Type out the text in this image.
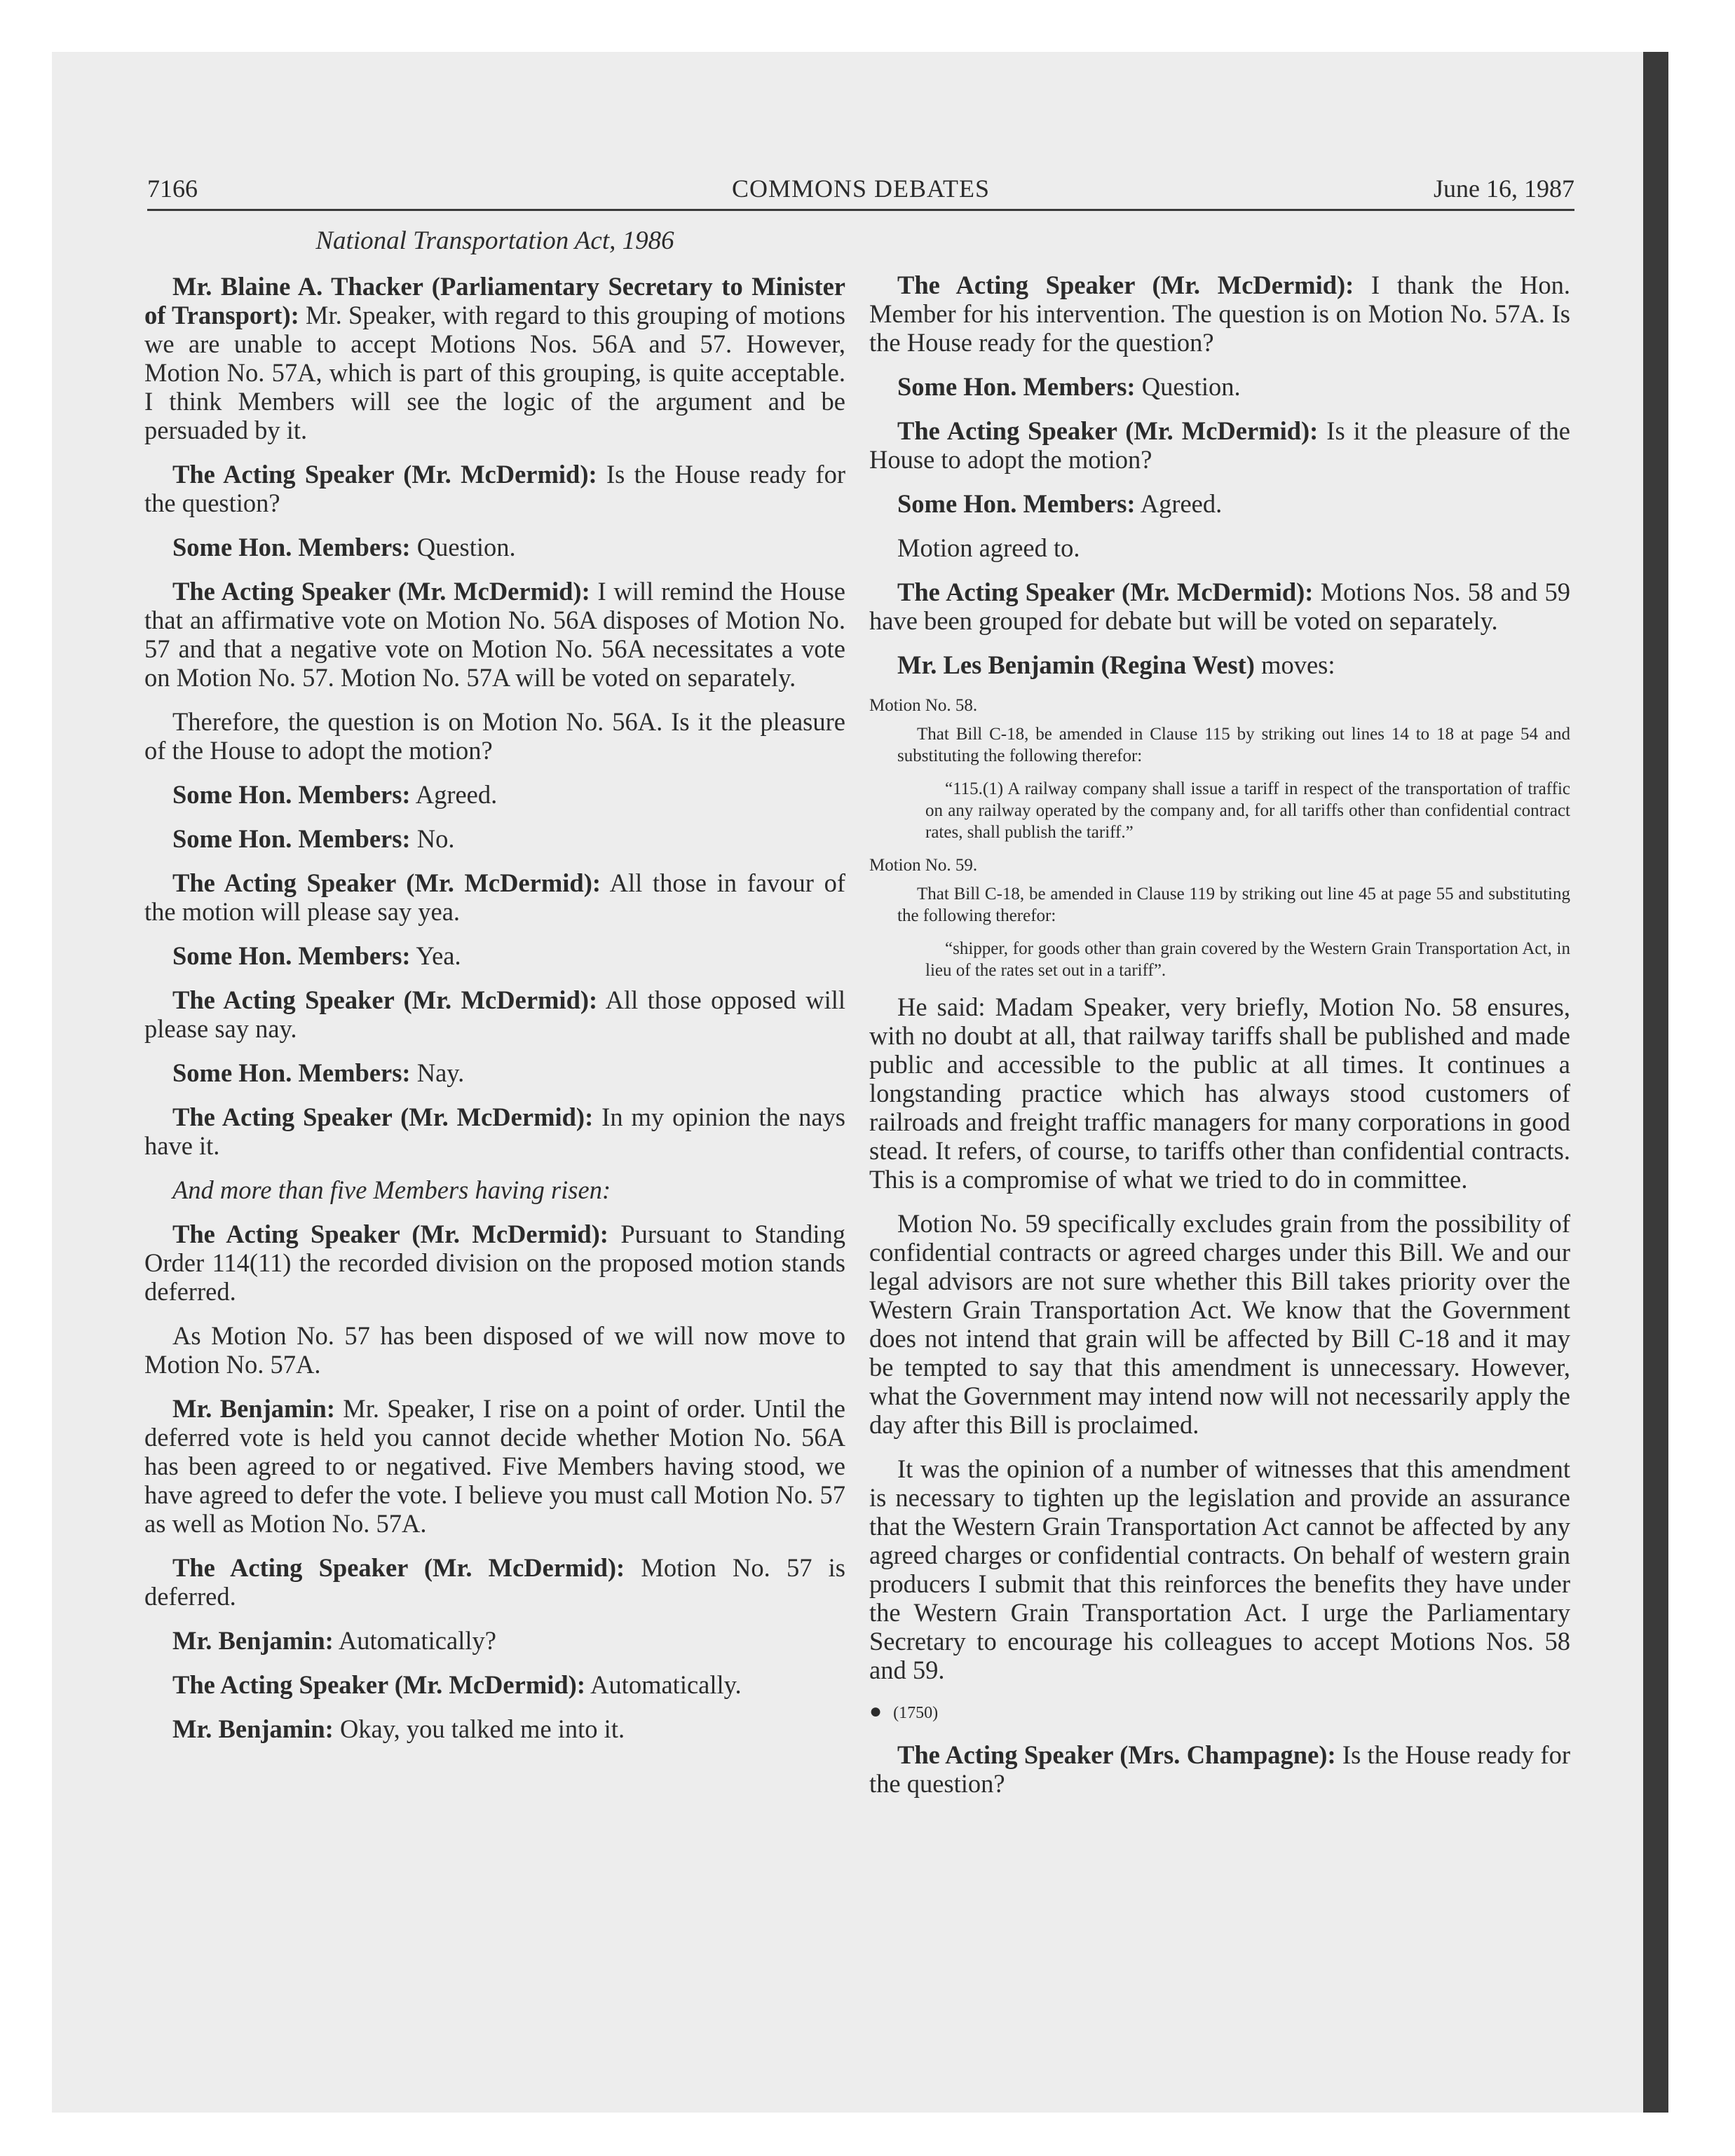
7166	COMMONS DEBATES	June 16, 1987
National Transportation Act, 1986
Mr. Blaine A. Thacker (Parliamentary Secretary to Minister of Transport): Mr. Speaker, with regard to this grouping of motions we are unable to accept Motions Nos. 56A and 57. However, Motion No. 57A, which is part of this grouping, is quite acceptable. I think Members will see the logic of the argument and be persuaded by it.
The Acting Speaker (Mr. McDermid): Is the House ready for the question?
Some Hon. Members: Question.
The Acting Speaker (Mr. McDermid): I will remind the House that an affirmative vote on Motion No. 56A disposes of Motion No. 57 and that a negative vote on Motion No. 56A necessitates a vote on Motion No. 57. Motion No. 57A will be voted on separately.
Therefore, the question is on Motion No. 56A. Is it the pleasure of the House to adopt the motion?
Some Hon. Members: Agreed.
Some Hon. Members: No.
The Acting Speaker (Mr. McDermid): All those in favour of the motion will please say yea.
Some Hon. Members: Yea.
The Acting Speaker (Mr. McDermid): All those opposed will please say nay.
Some Hon. Members: Nay.
The Acting Speaker (Mr. McDermid): In my opinion the nays have it.
And more than five Members having risen:
The Acting Speaker (Mr. McDermid): Pursuant to Standing Order 114(11) the recorded division on the proposed motion stands deferred.
As Motion No. 57 has been disposed of we will now move to Motion No. 57A.
Mr. Benjamin: Mr. Speaker, I rise on a point of order. Until the deferred vote is held you cannot decide whether Motion No. 56A has been agreed to or negatived. Five Members having stood, we have agreed to defer the vote. I believe you must call Motion No. 57 as well as Motion No. 57A.
The Acting Speaker (Mr. McDermid): Motion No. 57 is deferred.
Mr. Benjamin: Automatically?
The Acting Speaker (Mr. McDermid): Automatically.
Mr. Benjamin: Okay, you talked me into it.
The Acting Speaker (Mr. McDermid): I thank the Hon. Member for his intervention. The question is on Motion No. 57A. Is the House ready for the question?
Some Hon. Members: Question.
The Acting Speaker (Mr. McDermid): Is it the pleasure of the House to adopt the motion?
Some Hon. Members: Agreed.
Motion agreed to.
The Acting Speaker (Mr. McDermid): Motions Nos. 58 and 59 have been grouped for debate but will be voted on separately.
Mr. Les Benjamin (Regina West) moves:
Motion No. 58.
That Bill C-18, be amended in Clause 115 by striking out lines 14 to 18 at page 54 and substituting the following therefor:
“115.(1) A railway company shall issue a tariff in respect of the transportation of traffic on any railway operated by the company and, for all tariffs other than confidential contract rates, shall publish the tariff.”
Motion No. 59.
That Bill C-18, be amended in Clause 119 by striking out line 45 at page 55 and substituting the following therefor:
“shipper, for goods other than grain covered by the Western Grain Transportation Act, in lieu of the rates set out in a tariff”.
He said: Madam Speaker, very briefly, Motion No. 58 ensures, with no doubt at all, that railway tariffs shall be published and made public and accessible to the public at all times. It continues a longstanding practice which has always stood customers of railroads and freight traffic managers for many corporations in good stead. It refers, of course, to tariffs other than confidential contracts. This is a compromise of what we tried to do in committee.
Motion No. 59 specifically excludes grain from the possibility of confidential contracts or agreed charges under this Bill. We and our legal advisors are not sure whether this Bill takes priority over the Western Grain Transportation Act. We know that the Government does not intend that grain will be affected by Bill C-18 and it may be tempted to say that this amendment is unnecessary. However, what the Government may intend now will not necessarily apply the day after this Bill is proclaimed.
It was the opinion of a number of witnesses that this amendment is necessary to tighten up the legislation and provide an assurance that the Western Grain Transportation Act cannot be affected by any agreed charges or confidential contracts. On behalf of western grain producers I submit that this reinforces the benefits they have under the Western Grain Transportation Act. I urge the Parliamentary Secretary to encourage his colleagues to accept Motions Nos. 58 and 59.
● (1750)
The Acting Speaker (Mrs. Champagne): Is the House ready for the question?
